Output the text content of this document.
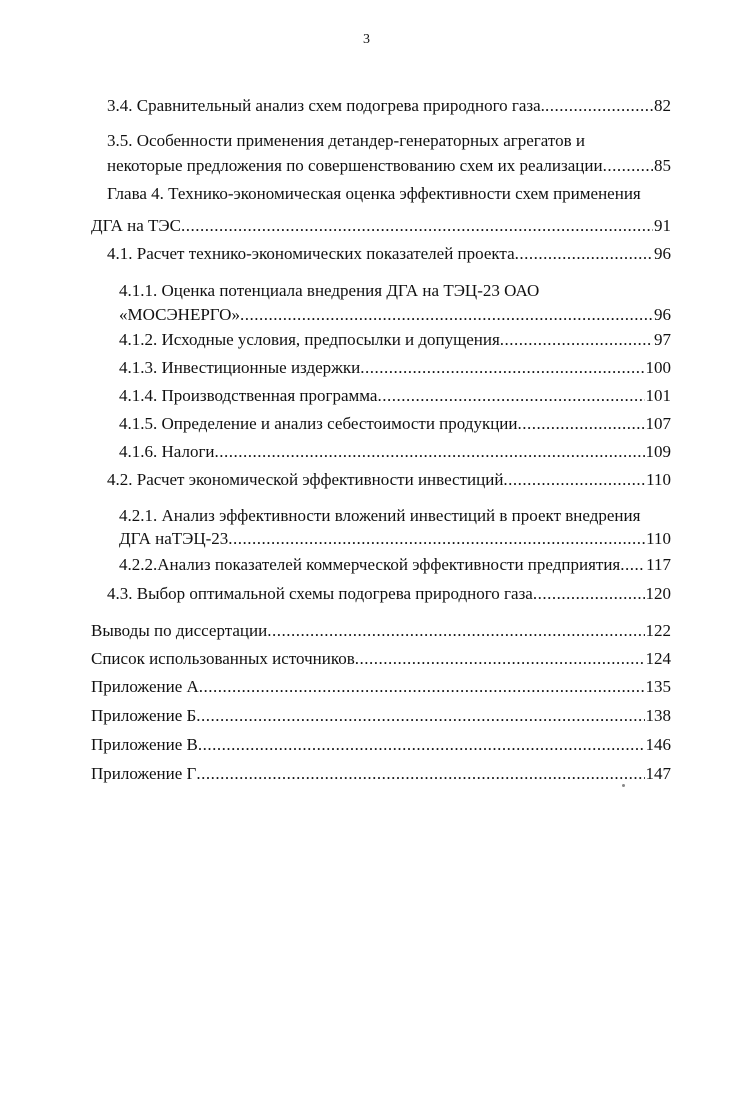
3
3.4. Сравнительный анализ схем подогрева природного газа. .....	82
3.5. Особенности применения детандер-генераторных агрегатов и
некоторые предложения по совершенствованию схем их реализации .....	85
Глава 4. Технико-экономическая оценка эффективности схем применения
ДГА на ТЭС .....	91
4.1. Расчет технико-экономических показателей проекта .....	96
4.1.1. Оценка потенциала внедрения ДГА на ТЭЦ-23 ОАО
«МОСЭНЕРГО» .....	96
4.1.2. Исходные условия, предпосылки и допущения .....	97
4.1.3. Инвестиционные издержки .....	100
4.1.4. Производственная программа .....	101
4.1.5. Определение и анализ себестоимости продукции .....	107
4.1.6. Налоги .....	109
4.2. Расчет экономической эффективности инвестиций .....	110
4.2.1. Анализ эффективности вложений инвестиций в проект внедрения
ДГА наТЭЦ-23 .....	110
4.2.2.Анализ показателей коммерческой эффективности предприятия ..... 117
4.3. Выбор оптимальной схемы подогрева природного газа .....	120
Выводы по диссертации .....	122
Список использованных источников .....	124
Приложение А .....	135
Приложение Б .....	138
Приложение В .....	146
Приложение Г .....	147
